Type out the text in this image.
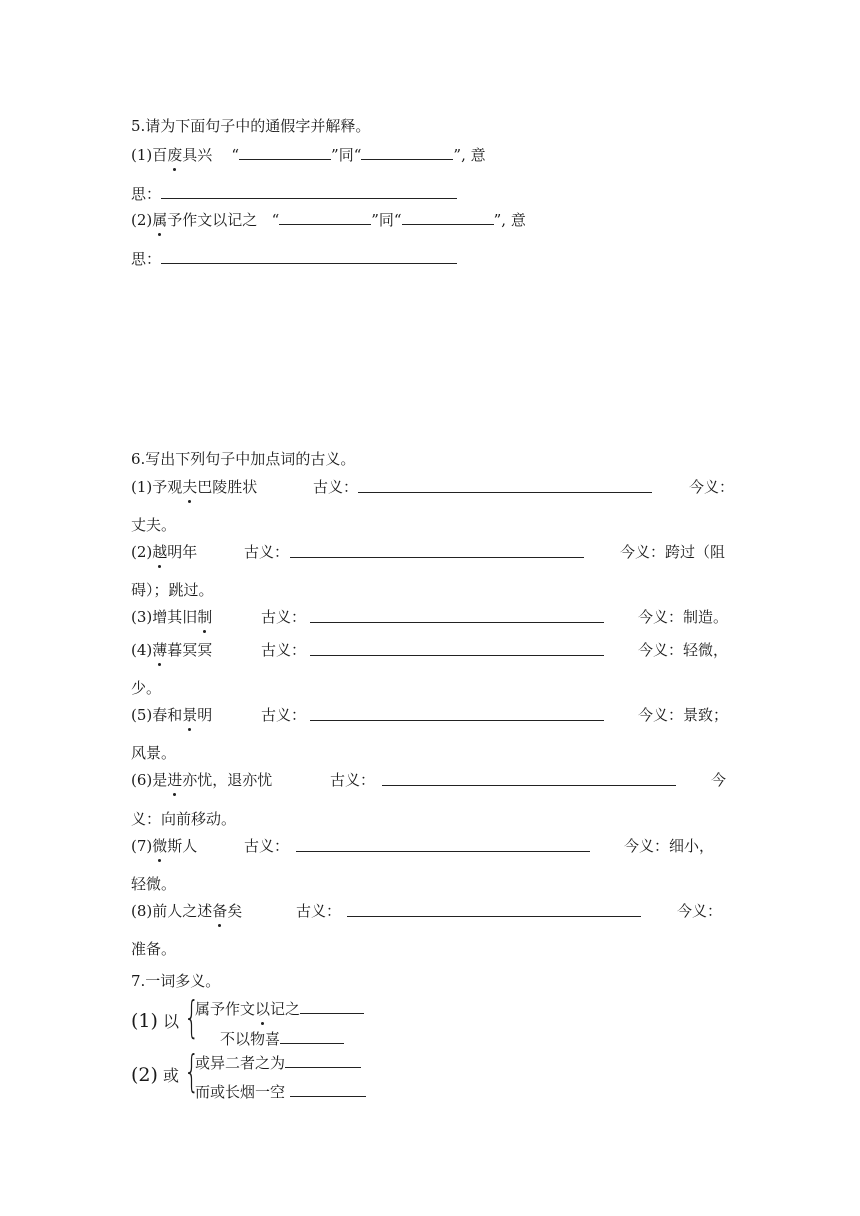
5.请为下面句子中的通假字并解释。
(1)百废具兴 “	”同“	”, 意
思：
(2)属予作文以记之 “	”同“	”, 意
思：
6.写出下列句子中加点词的古义。
(1)予观夫巴陵胜状	古义：	今义：
丈夫。
(2)越明年	古义：	今义：跨过（阻
碍）；跳过。
(3)增其旧制	古义：	今义：制造。
(4)薄暮冥冥	古义：	今义：轻微，
少。
(5)春和景明	古义：	今义：景致；
风景。
(6)是进亦忧，退亦忧	古义：	今
义：向前移动。
(7)微斯人	古义：	今义：细小，
轻微。
(8)前人之述备矣	古义：	今义：
准备。
7.一词多义。
(1) 以 {
属予作文以记之
不以物喜
(2) 或 {
或异二者之为
而或长烟一空
